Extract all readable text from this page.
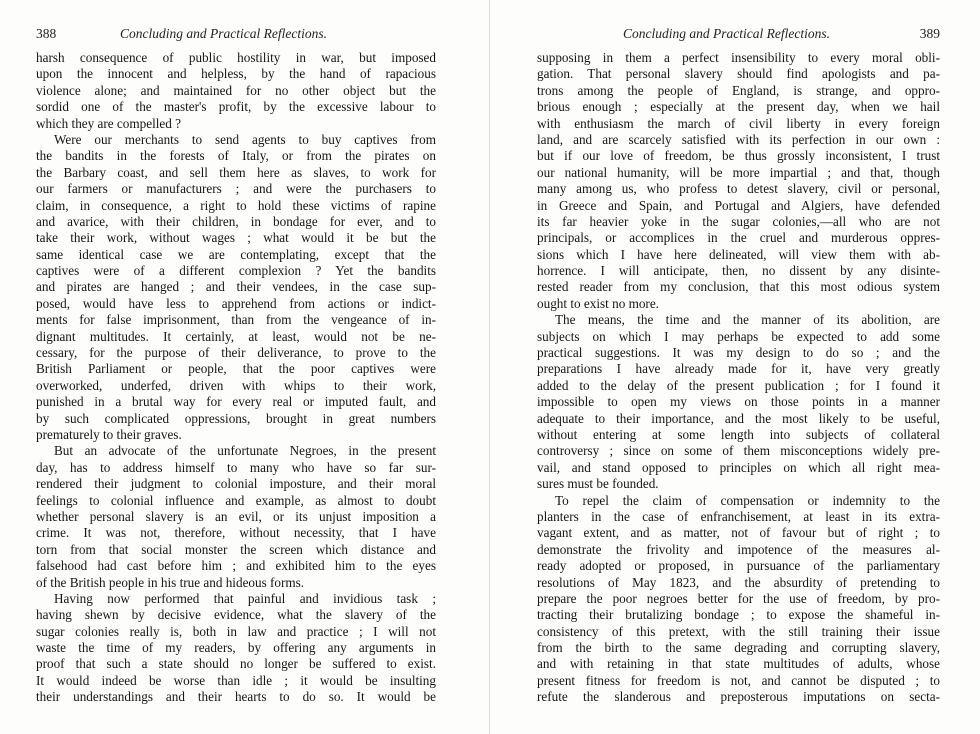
Concluding and Practical Reflections.
388
harsh consequence of public hostility in war, but imposed
upon the innocent and helpless, by the hand of rapacious
violence alone; and maintained for no other object but the
sordid one of the master's profit, by the excessive labour to
which they are compelled ?
Were our merchants to send agents to buy captives from
the bandits in the forests of Italy, or from the pirates on
the Barbary coast, and sell them here as slaves, to work for
our farmers or manufacturers ; and were the purchasers to
claim, in consequence, a right to hold these victims of rapine
and avarice, with their children, in bondage for ever, and to
take their work, without wages ; what would it be but the
same identical case we are contemplating, except that the
captives were of a different complexion ? Yet the bandits
and pirates are hanged ; and their vendees, in the case sup-
posed, would have less to apprehend from actions or indict-
ments for false imprisonment, than from the vengeance of in-
dignant multitudes. It certainly, at least, would not be ne-
cessary, for the purpose of their deliverance, to prove to the
British Parliament or people, that the poor captives were
overworked, underfed, driven with whips to their work,
punished in a brutal way for every real or imputed fault, and
by such complicated oppressions, brought in great numbers
prematurely to their graves.
But an advocate of the unfortunate Negroes, in the present
day, has to address himself to many who have so far sur-
rendered their judgment to colonial imposture, and their moral
feelings to colonial influence and example, as almost to doubt
whether personal slavery is an evil, or its unjust imposition a
crime. It was not, therefore, without necessity, that I have
torn from that social monster the screen which distance and
falsehood had cast before him ; and exhibited him to the eyes
of the British people in his true and hideous forms.
Having now performed that painful and invidious task ;
having shewn by decisive evidence, what the slavery of the
sugar colonies really is, both in law and practice ; I will not
waste the time of my readers, by offering any arguments in
proof that such a state should no longer be suffered to exist.
It would indeed be worse than idle ; it would be insulting
their understandings and their hearts to do so. It would be
Concluding and Practical Reflections.	389
supposing in them a perfect insensibility to every moral obli-
gation. That personal slavery should find apologists and pa-
trons among the people of England, is strange, and oppro-
brious enough ; especially at the present day, when we hail
with enthusiasm the march of civil liberty in every foreign
land, and are scarcely satisfied with its perfection in our own :
but if our love of freedom, be thus grossly inconsistent, I trust
our national humanity, will be more impartial ; and that, though
many among us, who profess to detest slavery, civil or personal,
in Greece and Spain, and Portugal and Algiers, have defended
its far heavier yoke in the sugar colonies,—all who are not
principals, or accomplices in the cruel and murderous oppres-
sions which I have here delineated, will view them with ab-
horrence. I will anticipate, then, no dissent by any disinte-
rested reader from my conclusion, that this most odious system
ought to exist no more.
The means, the time and the manner of its abolition, are
subjects on which I may perhaps be expected to add some
practical suggestions. It was my design to do so ; and the
preparations I have already made for it, have very greatly
added to the delay of the present publication ; for I found it
impossible to open my views on those points in a manner
adequate to their importance, and the most likely to be useful,
without entering at some length into subjects of collateral
controversy ; since on some of them misconceptions widely pre-
vail, and stand opposed to principles on which all right mea-
sures must be founded.
To repel the claim of compensation or indemnity to the
planters in the case of enfranchisement, at least in its extra-
vagant extent, and as matter, not of favour but of right ; to
demonstrate the frivolity and impotence of the measures al-
ready adopted or proposed, in pursuance of the parliamentary
resolutions of May 1823, and the absurdity of pretending to
prepare the poor negroes better for the use of freedom, by pro-
tracting their brutalizing bondage ; to expose the shameful in-
consistency of this pretext, with the still training their issue
from the birth to the same degrading and corrupting slavery,
and with retaining in that state multitudes of adults, whose
present fitness for freedom is not, and cannot be disputed ; to
refute the slanderous and preposterous imputations on secta-
